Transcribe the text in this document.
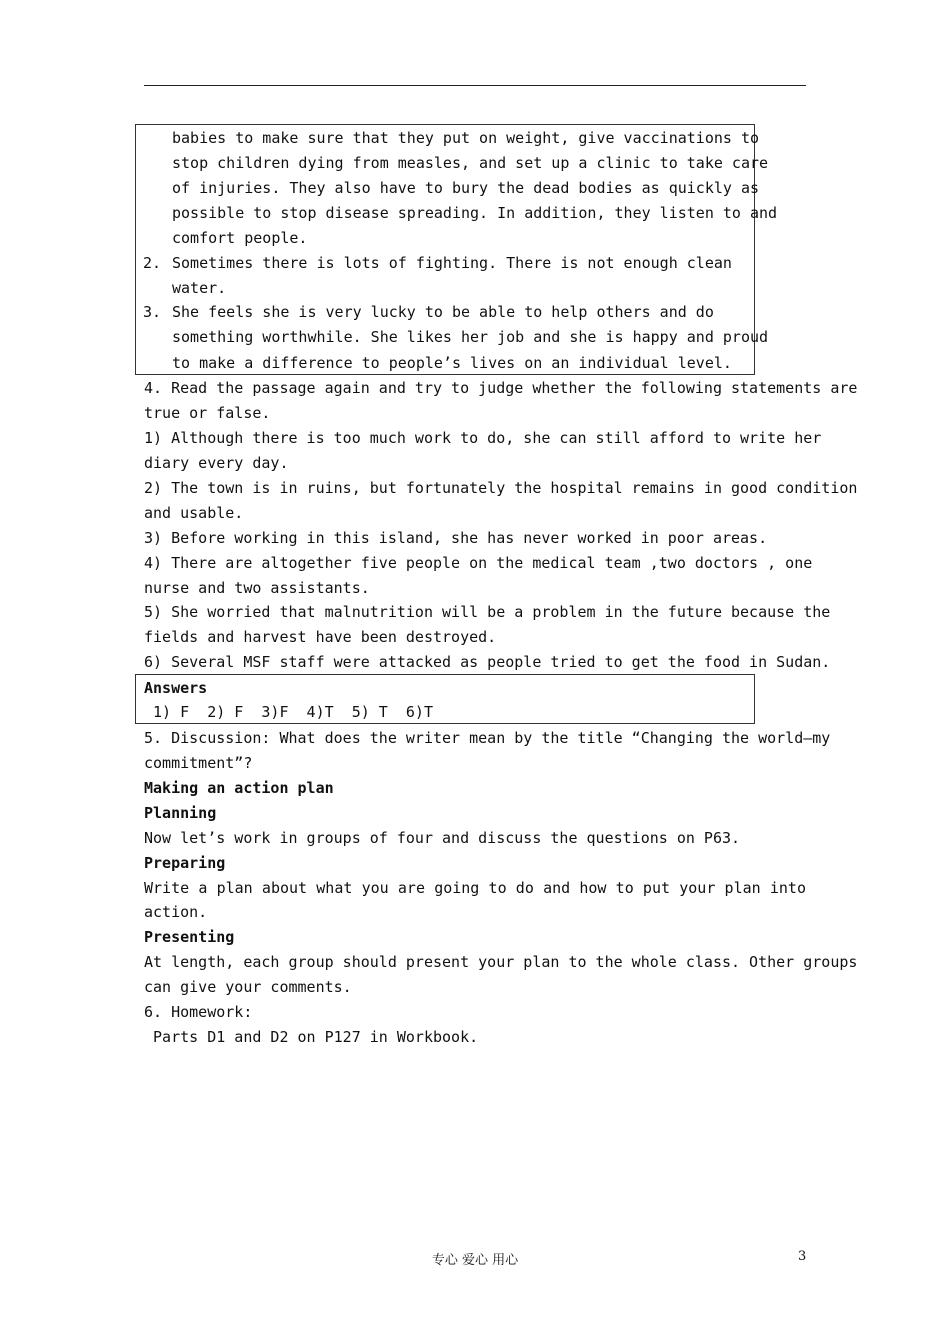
babies to make sure that they put on weight, give vaccinations to
stop children dying from measles, and set up a clinic to take care
of injuries. They also have to bury the dead bodies as quickly as
possible to stop disease spreading. In addition, they listen to and
comfort people.
2. Sometimes there is lots of fighting. There is not enough clean
water.
3. She feels she is very lucky to be able to help others and do
something worthwhile. She likes her job and she is happy and proud
to make a difference to people’s lives on an individual level.
4. Read the passage again and try to judge whether the following statements are
true or false.
1) Although there is too much work to do, she can still afford to write her
diary every day.
2) The town is in ruins, but fortunately the hospital remains in good condition
and usable.
3) Before working in this island, she has never worked in poor areas.
4) There are altogether five people on the medical team ,two doctors , one
nurse and two assistants.
5) She worried that malnutrition will be a problem in the future because the
fields and harvest have been destroyed.
6) Several MSF staff were attacked as people tried to get the food in Sudan.
Answers
1) F  2) F  3)F  4)T  5) T  6)T
5. Discussion: What does the writer mean by the title “Changing the world—my
commitment”?
Making an action plan
Planning
Now let’s work in groups of four and discuss the questions on P63.
Preparing
Write a plan about what you are going to do and how to put your plan into
action.
Presenting
At length, each group should present your plan to the whole class. Other groups
can give your comments.
6. Homework:
Parts D1 and D2 on P127 in Workbook.
专心 爱心 用心	3
